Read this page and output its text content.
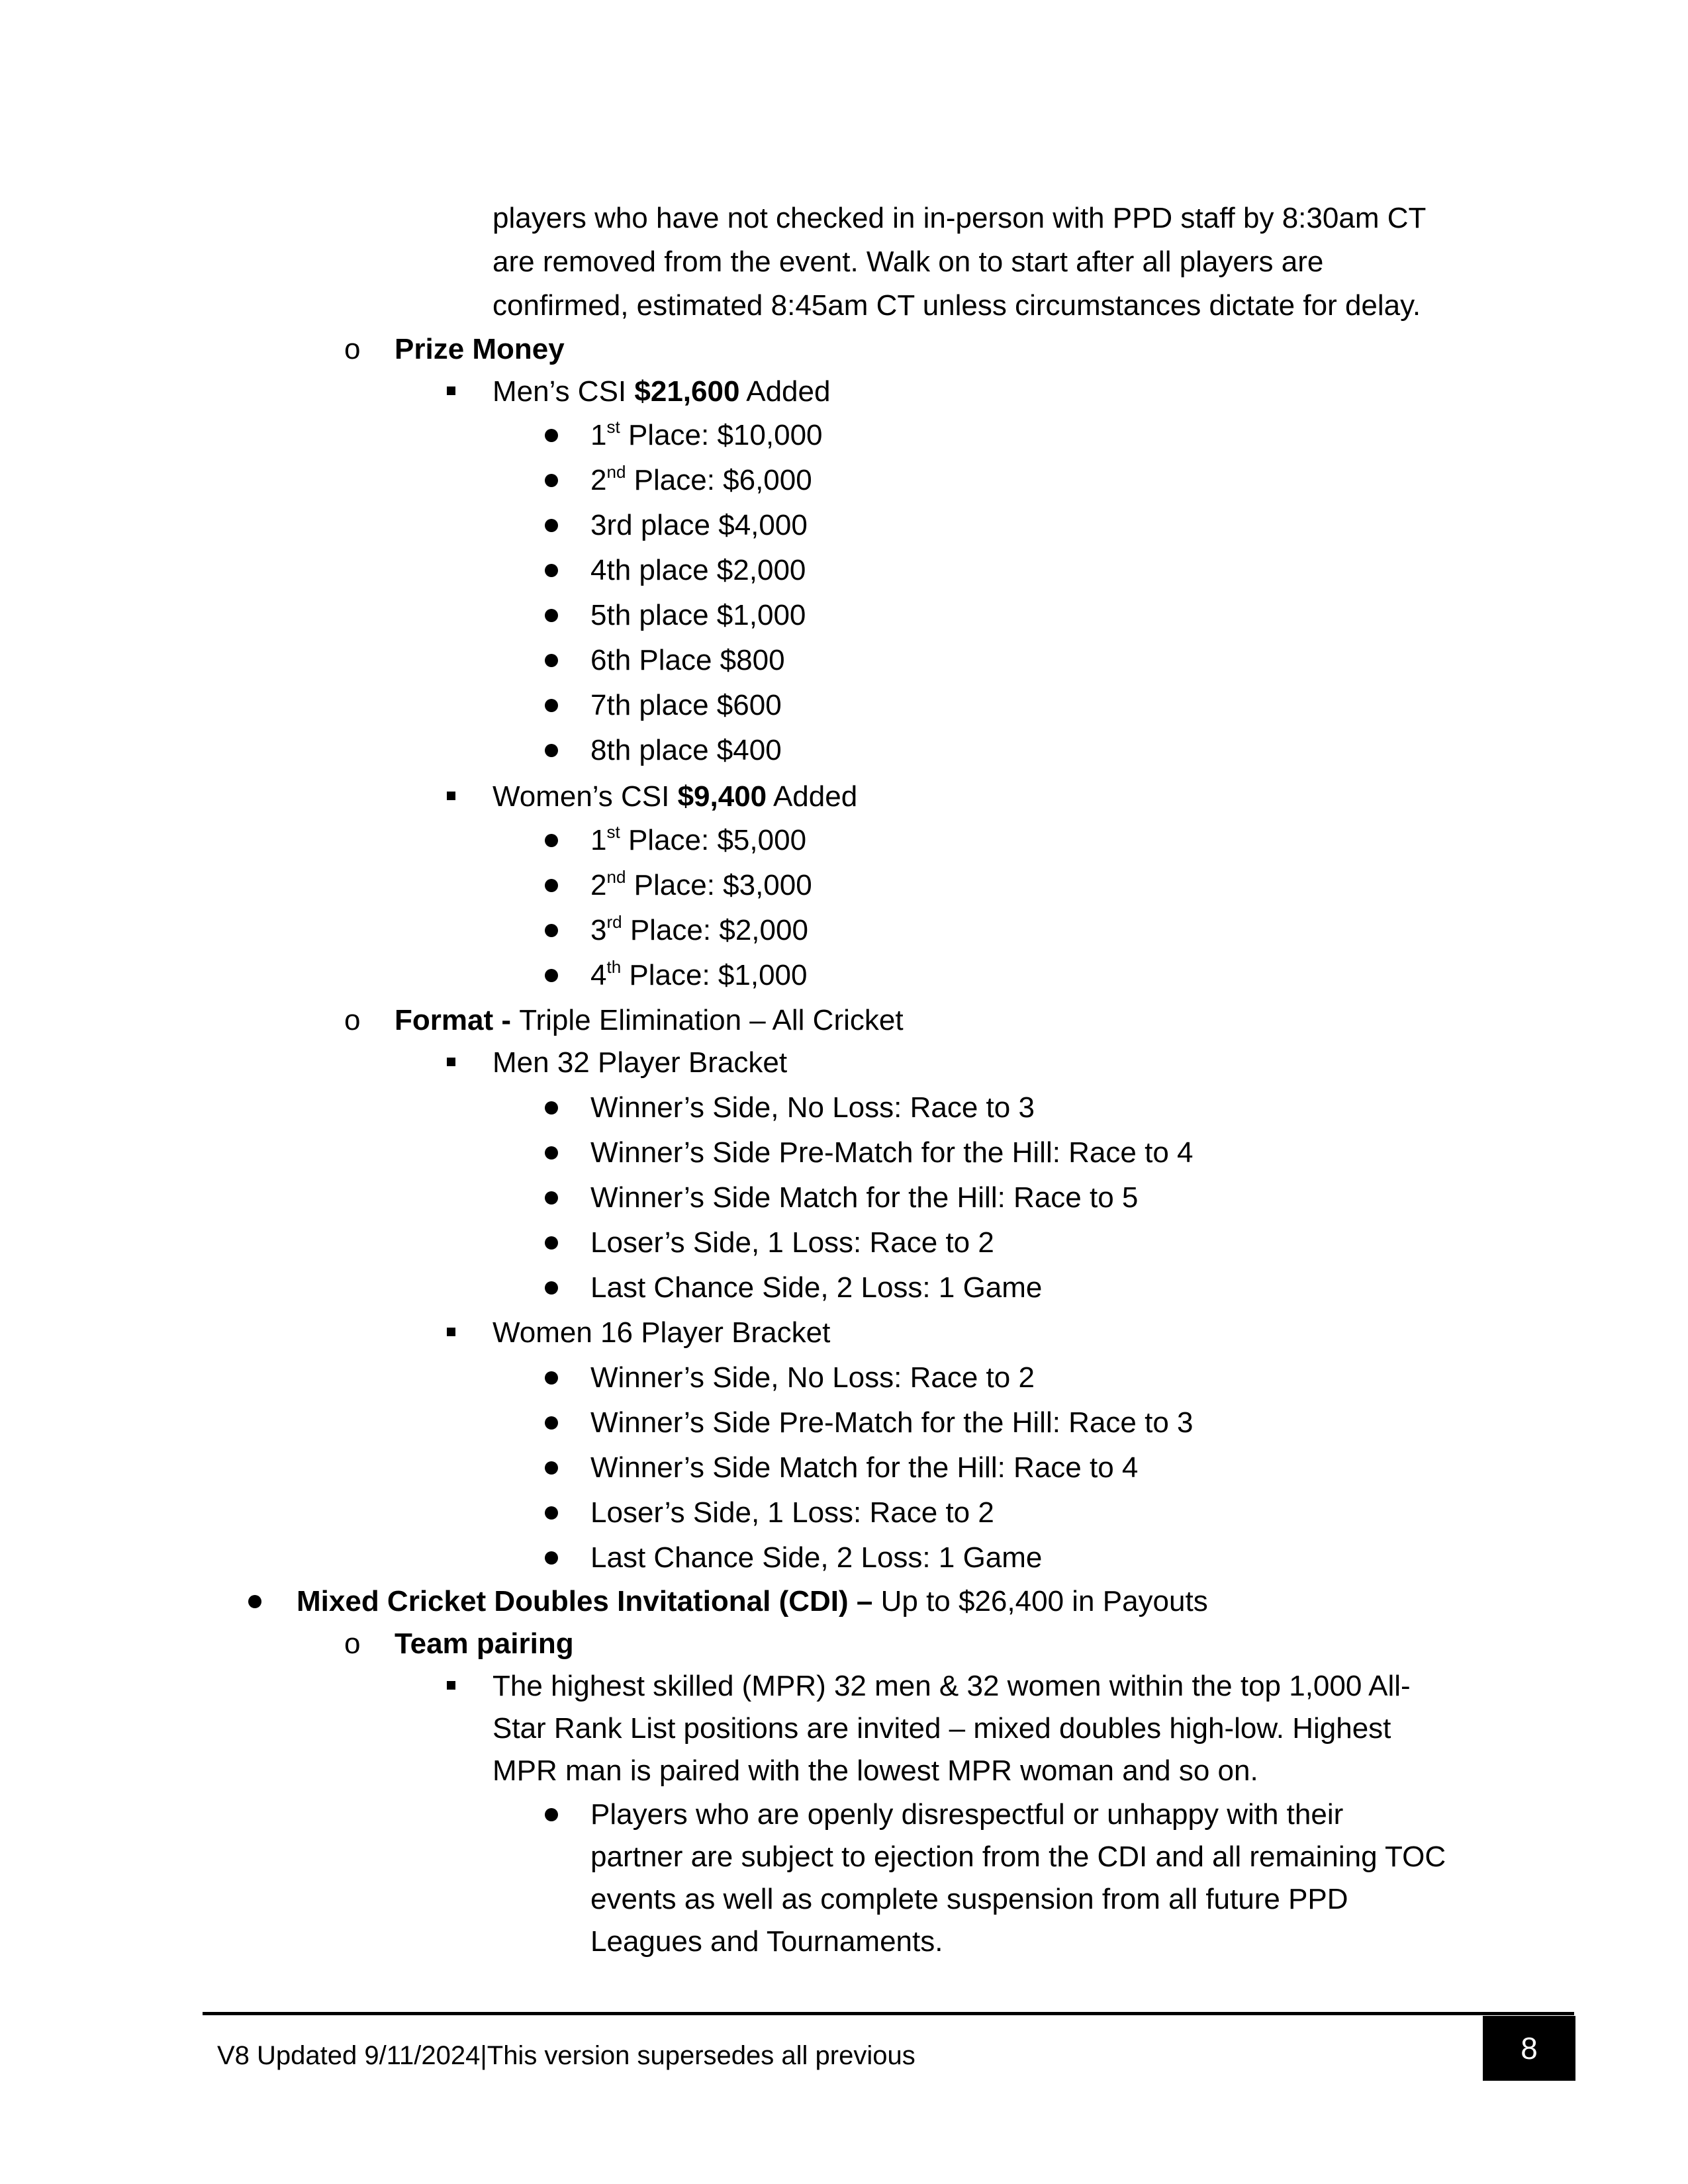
players who have not checked in in-person with PPD staff by 8:30am CT
are removed from the event. Walk on to start after all players are
confirmed, estimated 8:45am CT unless circumstances dictate for delay.
o Prize Money
Men’s CSI $21,600 Added
1st Place: $10,000
2nd Place: $6,000
3rd place $4,000
4th place $2,000
5th place $1,000
6th Place $800
7th place $600
8th place $400
Women’s CSI $9,400 Added
1st Place: $5,000
2nd Place: $3,000
3rd Place: $2,000
4th Place: $1,000
o Format - Triple Elimination – All Cricket
Men 32 Player Bracket
Winner’s Side, No Loss: Race to 3
Winner’s Side Pre-Match for the Hill: Race to 4
Winner’s Side Match for the Hill: Race to 5
Loser’s Side, 1 Loss: Race to 2
Last Chance Side, 2 Loss: 1 Game
Women 16 Player Bracket
Winner’s Side, No Loss: Race to 2
Winner’s Side Pre-Match for the Hill: Race to 3
Winner’s Side Match for the Hill: Race to 4
Loser’s Side, 1 Loss: Race to 2
Last Chance Side, 2 Loss: 1 Game
Mixed Cricket Doubles Invitational (CDI) – Up to $26,400 in Payouts
o Team pairing
The highest skilled (MPR) 32 men & 32 women within the top 1,000 All-
Star Rank List positions are invited – mixed doubles high-low. Highest
MPR man is paired with the lowest MPR woman and so on.
Players who are openly disrespectful or unhappy with their
partner are subject to ejection from the CDI and all remaining TOC
events as well as complete suspension from all future PPD
Leagues and Tournaments.
V8 Updated 9/11/2024|This version supersedes all previous	8
